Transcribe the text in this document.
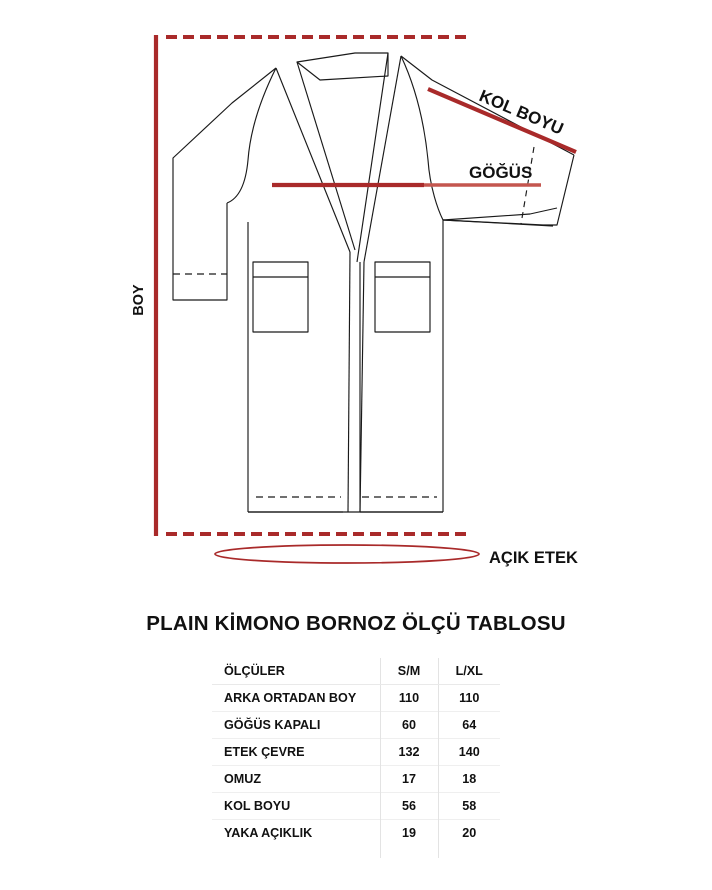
BOY
KOL BOYU
GÖĞÜS
AÇIK ETEK
PLAIN KİMONO BORNOZ ÖLÇÜ TABLOSU
ÖLÇÜLER	S/M	L/XL
ARKA ORTADAN BOY	110	110
GÖĞÜS KAPALI	60	64
ETEK ÇEVRE	132	140
OMUZ	17	18
KOL BOYU	56	58
YAKA AÇIKLIK	19	20
